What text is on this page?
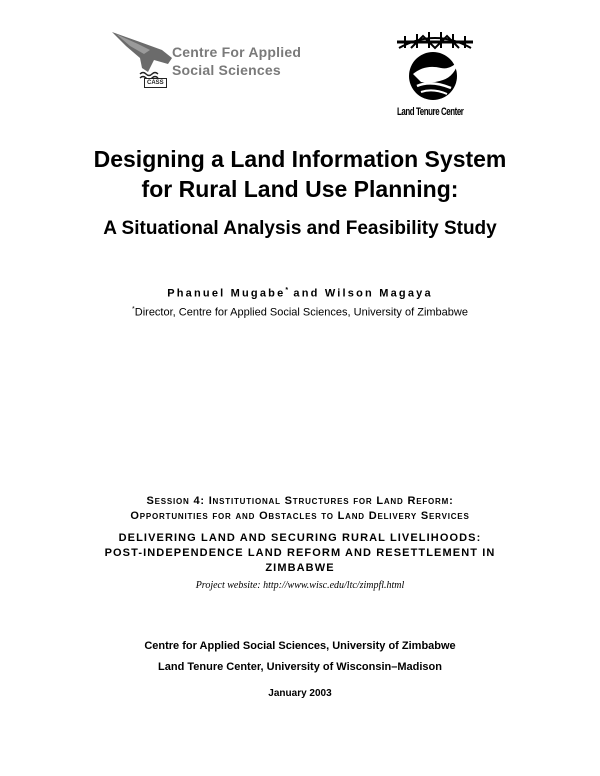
Centre For Applied
Social Sciences
CASS
Land Tenure Center
Designing a Land Information System
for Rural Land Use Planning:
A Situational Analysis and Feasibility Study
Phanuel Mugabe* and Wilson Magaya
*Director, Centre for Applied Social Sciences, University of Zimbabwe
Session 4: Institutional Structures for Land Reform:
Opportunities for and Obstacles to Land Delivery Services
DELIVERING LAND AND SECURING RURAL LIVELIHOODS:
POST-INDEPENDENCE LAND REFORM AND RESETTLEMENT IN
ZIMBABWE
Project website: http://www.wisc.edu/ltc/zimpfl.html
Centre for Applied Social Sciences, University of Zimbabwe
Land Tenure Center, University of Wisconsin–Madison
January 2003
